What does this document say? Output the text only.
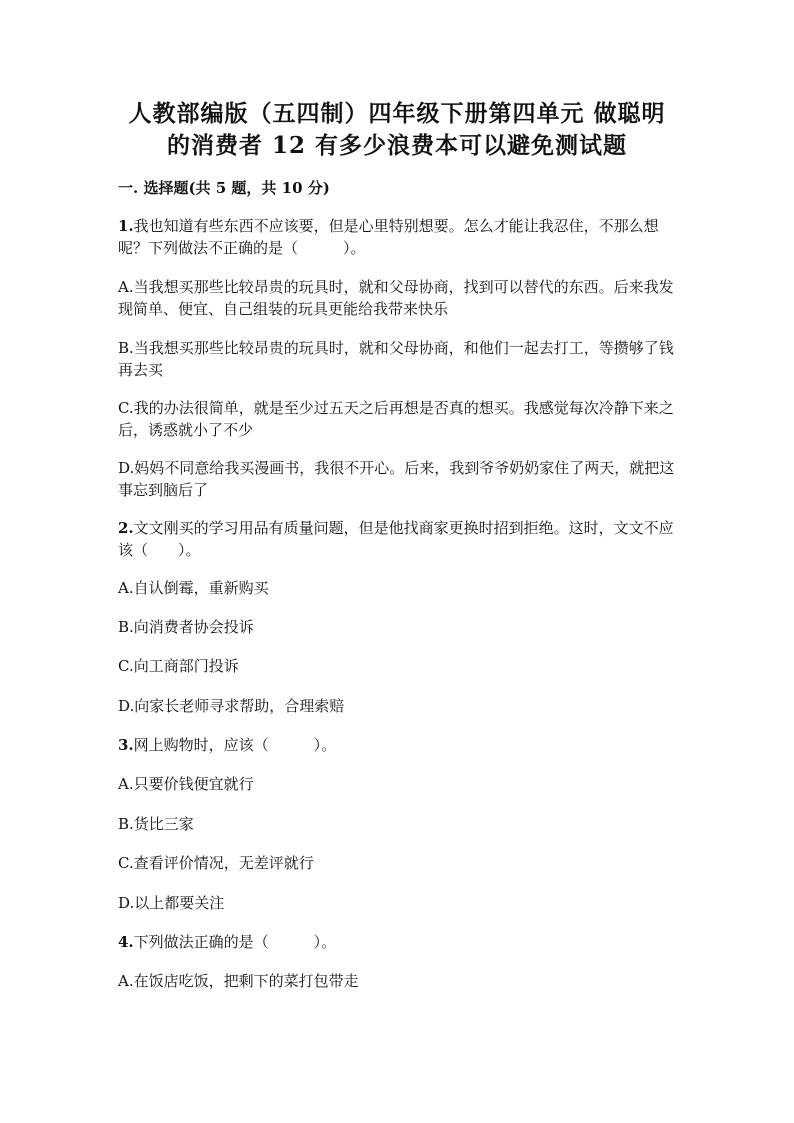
人教部编版（五四制）四年级下册第四单元 做聪明
的消费者 12 有多少浪费本可以避免测试题
一. 选择题(共 5 题，共 10 分)
1.我也知道有些东西不应该要，但是心里特别想要。怎么才能让我忍住，不那么想呢？下列做法不正确的是（　　　）。
A.当我想买那些比较昂贵的玩具时，就和父母协商，找到可以替代的东西。后来我发现简单、便宜、自己组装的玩具更能给我带来快乐
B.当我想买那些比较昂贵的玩具时，就和父母协商，和他们一起去打工，等攒够了钱再去买
C.我的办法很简单，就是至少过五天之后再想是否真的想买。我感觉每次冷静下来之后，诱惑就小了不少
D.妈妈不同意给我买漫画书，我很不开心。后来，我到爷爷奶奶家住了两天，就把这事忘到脑后了
2.文文刚买的学习用品有质量问题，但是他找商家更换时招到拒绝。这时，文文不应该（　　）。
A.自认倒霉，重新购买
B.向消费者协会投诉
C.向工商部门投诉
D.向家长老师寻求帮助，合理索赔
3.网上购物时，应该（　　　）。
A.只要价钱便宜就行
B.货比三家
C.查看评价情况，无差评就行
D.以上都要关注
4.下列做法正确的是（　　　）。
A.在饭店吃饭，把剩下的菜打包带走
